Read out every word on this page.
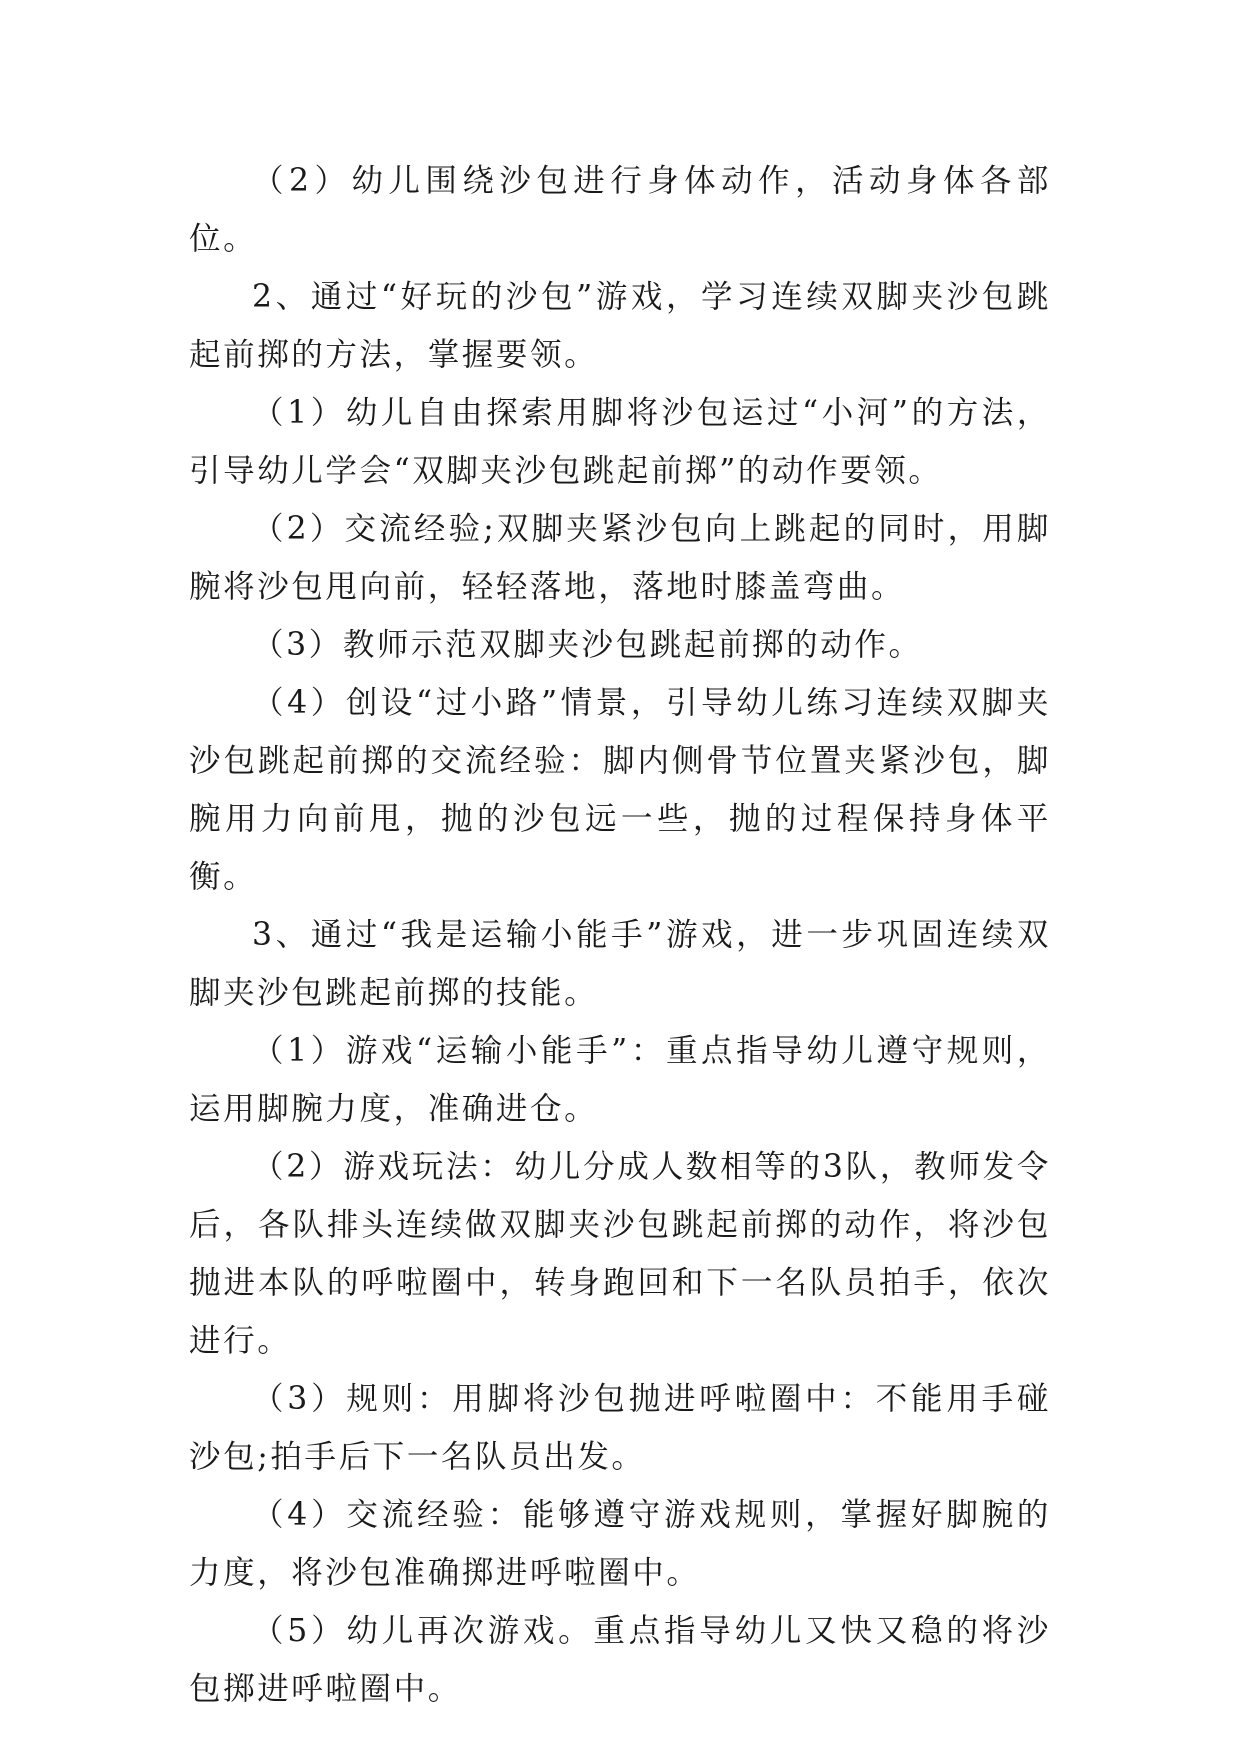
（2）幼儿围绕沙包进行身体动作，活动身体各部位。

2、通过“好玩的沙包”游戏，学习连续双脚夹沙包跳起前掷的方法，掌握要领。

（1）幼儿自由探索用脚将沙包运过“小河”的方法，引导幼儿学会“双脚夹沙包跳起前掷”的动作要领。

（2）交流经验;双脚夹紧沙包向上跳起的同时，用脚腕将沙包甩向前，轻轻落地，落地时膝盖弯曲。

（3）教师示范双脚夹沙包跳起前掷的动作。

（4）创设“过小路”情景，引导幼儿练习连续双脚夹沙包跳起前掷的交流经验：脚内侧骨节位置夹紧沙包，脚腕用力向前甩，抛的沙包远一些，抛的过程保持身体平衡。

3、通过“我是运输小能手”游戏，进一步巩固连续双脚夹沙包跳起前掷的技能。

（1）游戏“运输小能手”：重点指导幼儿遵守规则，运用脚腕力度，准确进仓。

（2）游戏玩法：幼儿分成人数相等的3队，教师发令后，各队排头连续做双脚夹沙包跳起前掷的动作，将沙包抛进本队的呼啦圈中，转身跑回和下一名队员拍手，依次进行。

（3）规则：用脚将沙包抛进呼啦圈中：不能用手碰沙包;拍手后下一名队员出发。

（4）交流经验：能够遵守游戏规则，掌握好脚腕的力度，将沙包准确掷进呼啦圈中。

（5）幼儿再次游戏。重点指导幼儿又快又稳的将沙包掷进呼啦圈中。
